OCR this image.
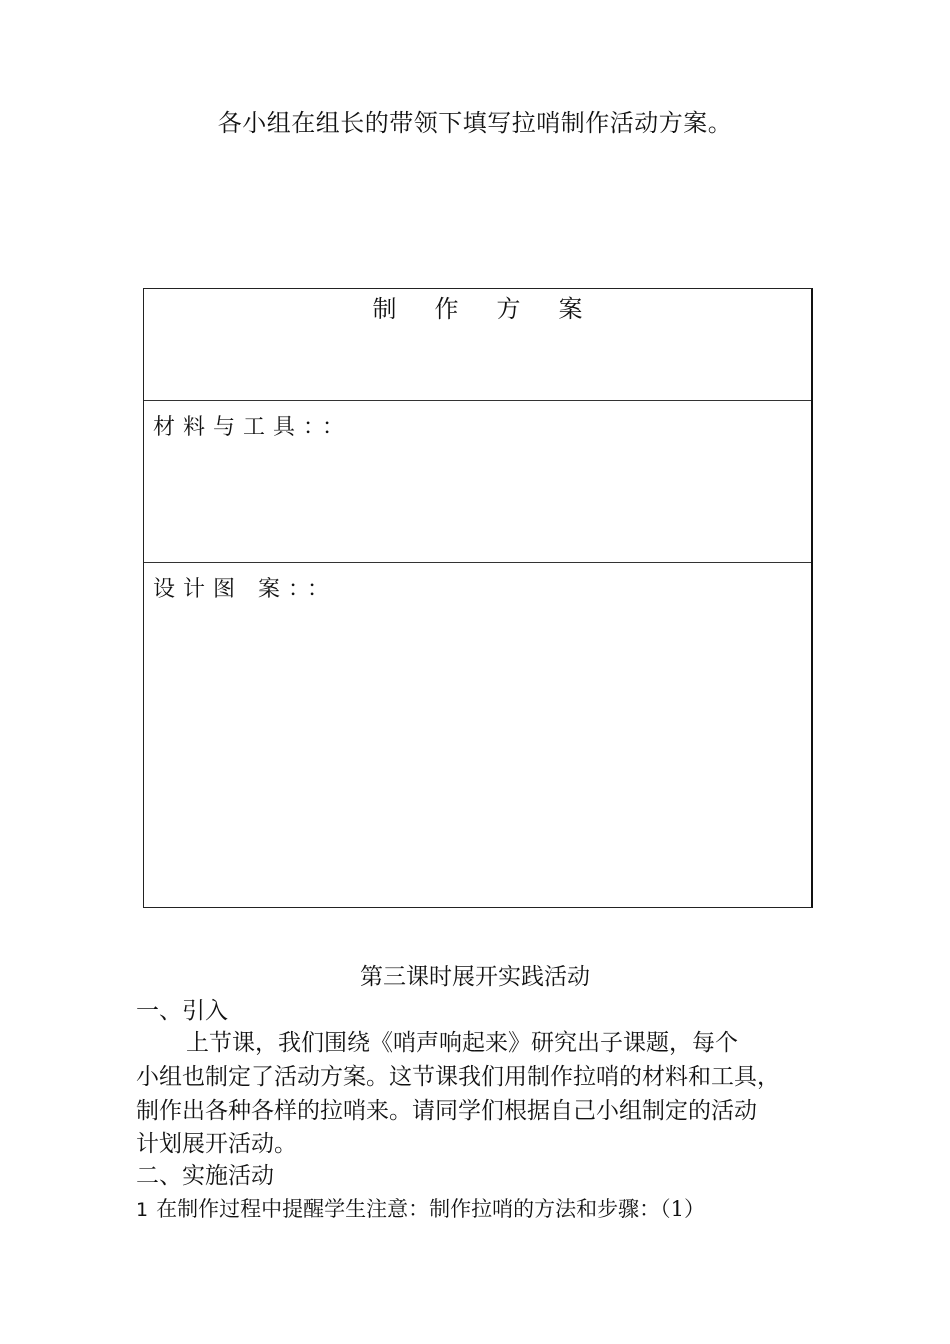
各小组在组长的带领下填写拉哨制作活动方案。
制作方案
材料与工具：：
设计图 案：：
第三课时展开实践活动
一、引入
上节课，我们围绕《哨声响起来》研究出子课题，每个
小组也制定了活动方案。这节课我们用制作拉哨的材料和工具，
制作出各种各样的拉哨来。请同学们根据自己小组制定的活动
计划展开活动。
二、实施活动
1 在制作过程中提醒学生注意：制作拉哨的方法和步骤：（1）
